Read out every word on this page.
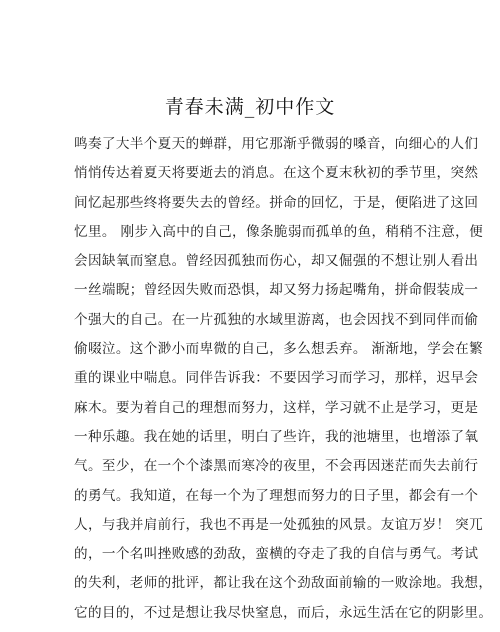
青春未满_初中作文
鸣奏了大半个夏天的蝉群，用它那渐乎微弱的嗓音，向细心的人们
悄悄传达着夏天将要逝去的消息。在这个夏末秋初的季节里，突然
间忆起那些终将要失去的曾经。拼命的回忆，于是，便陷进了这回
忆里。 刚步入高中的自己，像条脆弱而孤单的鱼，稍稍不注意，便
会因缺氧而窒息。曾经因孤独而伤心，却又倔强的不想让别人看出
一丝端睨；曾经因失败而恐惧，却又努力扬起嘴角，拼命假装成一
个强大的自己。在一片孤独的水域里游离，也会因找不到同伴而偷
偷啜泣。这个渺小而卑微的自己，多么想丢弃。 渐渐地，学会在繁
重的课业中喘息。同伴告诉我：不要因学习而学习，那样，迟早会
麻木。要为着自己的理想而努力，这样，学习就不止是学习，更是
一种乐趣。我在她的话里，明白了些许，我的池塘里，也增添了氧
气。至少，在一个个漆黑而寒冷的夜里，不会再因迷茫而失去前行
的勇气。我知道，在每一个为了理想而努力的日子里，都会有一个
人，与我并肩前行，我也不再是一处孤独的风景。友谊万岁！ 突兀
的，一个名叫挫败感的劲敌，蛮横的夺走了我的自信与勇气。考试
的失利，老师的批评，都让我在这个劲敌面前输的一败涂地。我想，
它的目的，不过是想让我尽快窒息，而后，永远生活在它的阴影里。
